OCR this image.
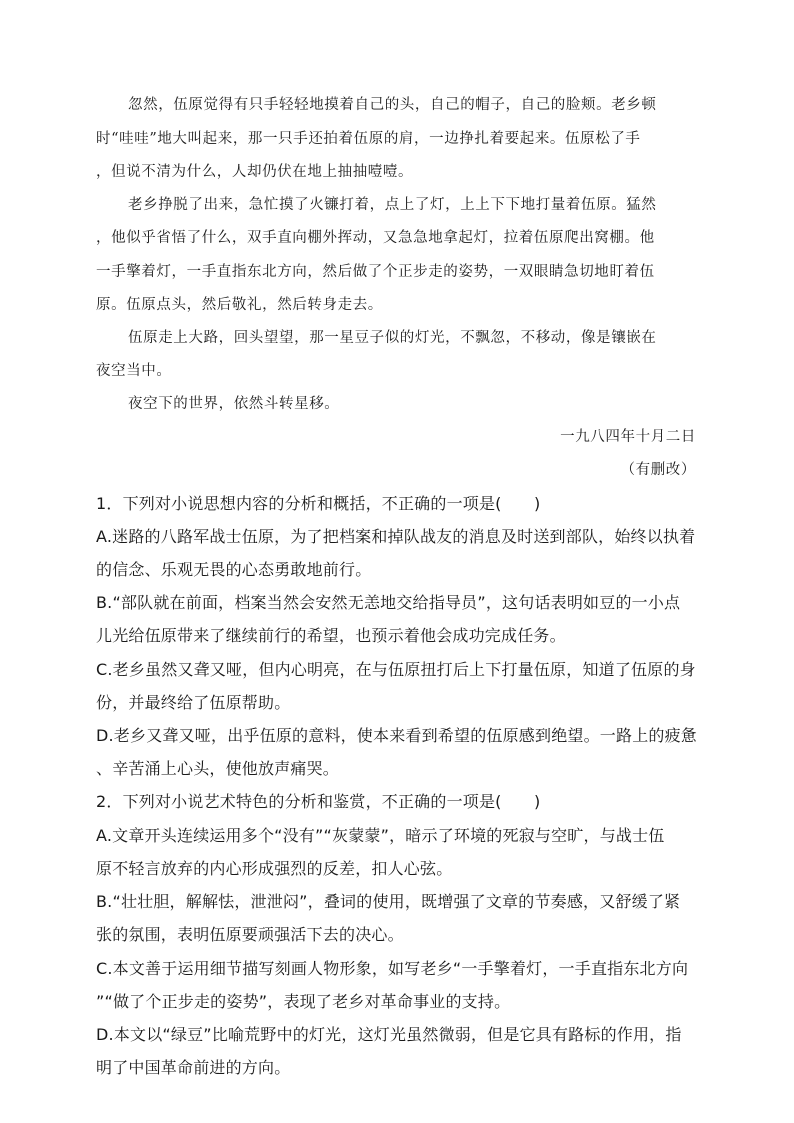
忽然，伍原觉得有只手轻轻地摸着自己的头，自己的帽子，自己的脸颊。老乡顿

时“哇哇”地大叫起来，那一只手还拍着伍原的肩，一边挣扎着要起来。伍原松了手

，但说不清为什么，人却仍伏在地上抽抽噎噎。

老乡挣脱了出来，急忙摸了火镰打着，点上了灯，上上下下地打量着伍原。猛然

，他似乎省悟了什么，双手直向棚外挥动，又急急地拿起灯，拉着伍原爬出窝棚。他

一手擎着灯，一手直指东北方向，然后做了个正步走的姿势，一双眼睛急切地盯着伍

原。伍原点头，然后敬礼，然后转身走去。

伍原走上大路，回头望望，那一星豆子似的灯光，不飘忽，不移动，像是镶嵌在

夜空当中。

夜空下的世界，依然斗转星移。

一九八四年十月二日

（有删改）

1．下列对小说思想内容的分析和概括，不正确的一项是(　　)

A.迷路的八路军战士伍原，为了把档案和掉队战友的消息及时送到部队，始终以执着

的信念、乐观无畏的心态勇敢地前行。

B.“部队就在前面，档案当然会安然无恙地交给指导员”，这句话表明如豆的一小点

儿光给伍原带来了继续前行的希望，也预示着他会成功完成任务。

C.老乡虽然又聋又哑，但内心明亮，在与伍原扭打后上下打量伍原，知道了伍原的身

份，并最终给了伍原帮助。

D.老乡又聋又哑，出乎伍原的意料，使本来看到希望的伍原感到绝望。一路上的疲惫

、辛苦涌上心头，使他放声痛哭。

2．下列对小说艺术特色的分析和鉴赏，不正确的一项是(　　)

A.文章开头连续运用多个“没有”“灰蒙蒙”，暗示了环境的死寂与空旷，与战士伍

原不轻言放弃的内心形成强烈的反差，扣人心弦。

B.“壮壮胆，解解怯，泄泄闷”，叠词的使用，既增强了文章的节奏感，又舒缓了紧

张的氛围，表明伍原要顽强活下去的决心。

C.本文善于运用细节描写刻画人物形象，如写老乡“一手擎着灯，一手直指东北方向

”“做了个正步走的姿势”，表现了老乡对革命事业的支持。

D.本文以“绿豆”比喻荒野中的灯光，这灯光虽然微弱，但是它具有路标的作用，指

明了中国革命前进的方向。
